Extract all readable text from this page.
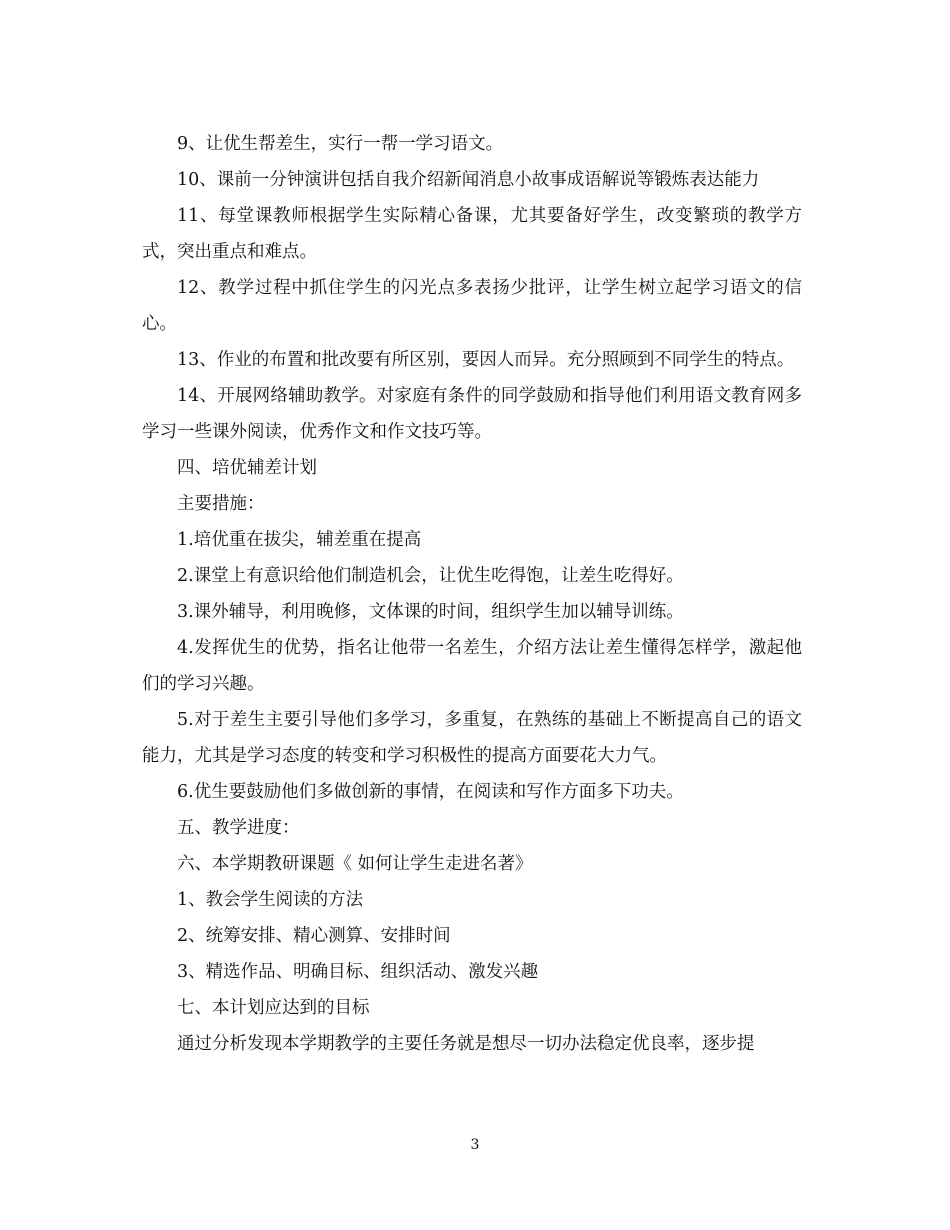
9、让优生帮差生，实行一帮一学习语文。

10、课前一分钟演讲包括自我介绍新闻消息小故事成语解说等锻炼表达能力

11、每堂课教师根据学生实际精心备课，尤其要备好学生，改变繁琐的教学方式，突出重点和难点。

12、教学过程中抓住学生的闪光点多表扬少批评，让学生树立起学习语文的信心。

13、作业的布置和批改要有所区别，要因人而异。充分照顾到不同学生的特点。

14、开展网络辅助教学。对家庭有条件的同学鼓励和指导他们利用语文教育网多学习一些课外阅读，优秀作文和作文技巧等。

四、培优辅差计划

主要措施：

1.培优重在拔尖，辅差重在提高

2.课堂上有意识给他们制造机会，让优生吃得饱，让差生吃得好。

3.课外辅导，利用晚修，文体课的时间，组织学生加以辅导训练。

4.发挥优生的优势，指名让他带一名差生，介绍方法让差生懂得怎样学，激起他们的学习兴趣。

5.对于差生主要引导他们多学习，多重复，在熟练的基础上不断提高自己的语文能力，尤其是学习态度的转变和学习积极性的提高方面要花大力气。

6.优生要鼓励他们多做创新的事情，在阅读和写作方面多下功夫。

五、教学进度：

六、本学期教研课题《 如何让学生走进名著》

1、教会学生阅读的方法

2、统筹安排、精心测算、安排时间

3、精选作品、明确目标、组织活动、激发兴趣

七、本计划应达到的目标

通过分析发现本学期教学的主要任务就是想尽一切办法稳定优良率，逐步提

3
